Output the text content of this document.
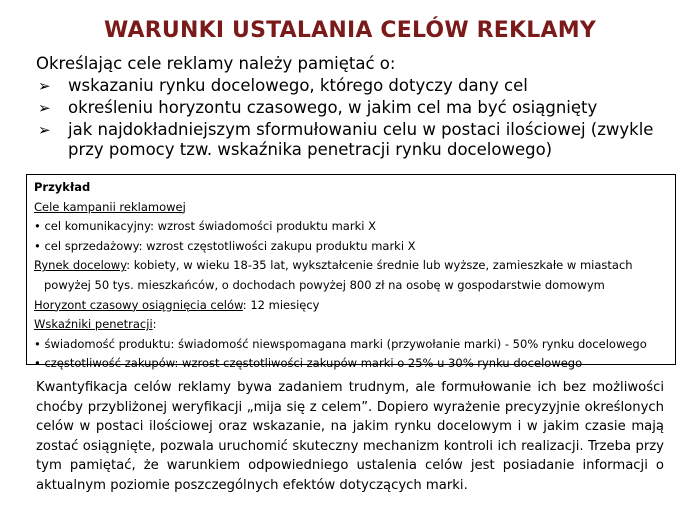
WARUNKI USTALANIA CELÓW REKLAMY
Określając cele reklamy należy pamiętać o:
➢ wskazaniu rynku docelowego, którego dotyczy dany cel
➢ określeniu horyzontu czasowego, w jakim cel ma być osiągnięty
➢ jak najdokładniejszym sformułowaniu celu w postaci ilościowej (zwykle przy pomocy tzw. wskaźnika penetracji rynku docelowego)
Przykład
Cele kampanii reklamowej
• cel komunikacyjny: wzrost świadomości produktu marki X
• cel sprzedażowy: wzrost częstotliwości zakupu produktu marki X
Rynek docelowy: kobiety, w wieku 18-35 lat, wykształcenie średnie lub wyższe, zamieszkałe w miastach
powyżej 50 tys. mieszkańców, o dochodach powyżej 800 zł na osobę w gospodarstwie domowym
Horyzont czasowy osiągnięcia celów: 12 miesięcy
Wskaźniki penetracji:
• świadomość produktu: świadomość niewspomagana marki (przywołanie marki) - 50% rynku docelowego
• częstotliwość zakupów: wzrost częstotliwości zakupów marki o 25% u 30% rynku docelowego
Kwantyfikacja celów reklamy bywa zadaniem trudnym, ale formułowanie ich bez możliwości choćby przybliżonej weryfikacji „mija się z celem”. Dopiero wyrażenie precyzyjnie określonych celów w postaci ilościowej oraz wskazanie, na jakim rynku docelowym i w jakim czasie mają zostać osiągnięte, pozwala uruchomić skuteczny mechanizm kontroli ich realizacji. Trzeba przy tym pamiętać, że warunkiem odpowiedniego ustalenia celów jest posiadanie informacji o aktualnym poziomie poszczególnych efektów dotyczących marki.
